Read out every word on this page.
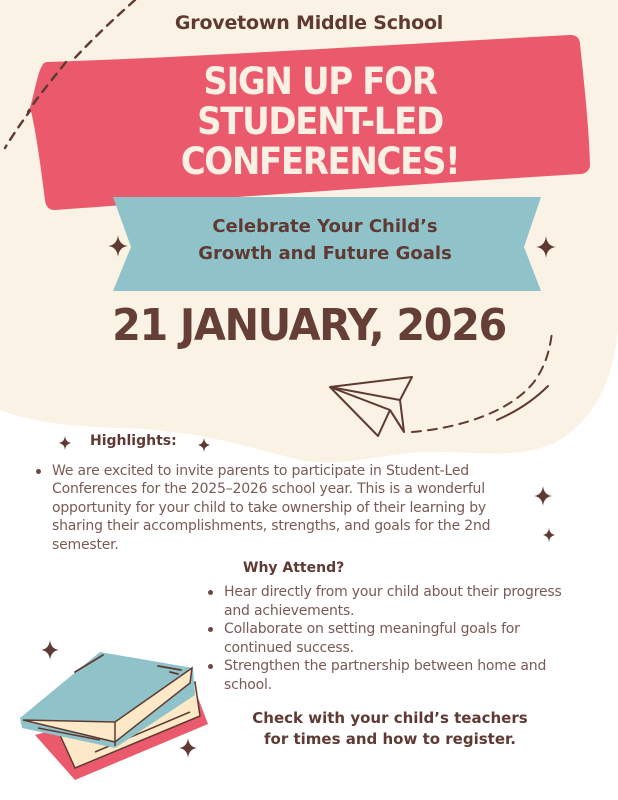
Grovetown Middle School
SIGN UP FOR
STUDENT-LED
CONFERENCES!
Celebrate Your Child’s
Growth and Future Goals
21 JANUARY, 2026
Highlights:
We are excited to invite parents to participate in Student-Led Conferences for the 2025–2026 school year. This is a wonderful opportunity for your child to take ownership of their learning by sharing their accomplishments, strengths, and goals for the 2nd semester.
Why Attend?
Hear directly from your child about their progress and achievements.
Collaborate on setting meaningful goals for continued success.
Strengthen the partnership between home and school.
Check with your child’s teachers for times and how to register.
